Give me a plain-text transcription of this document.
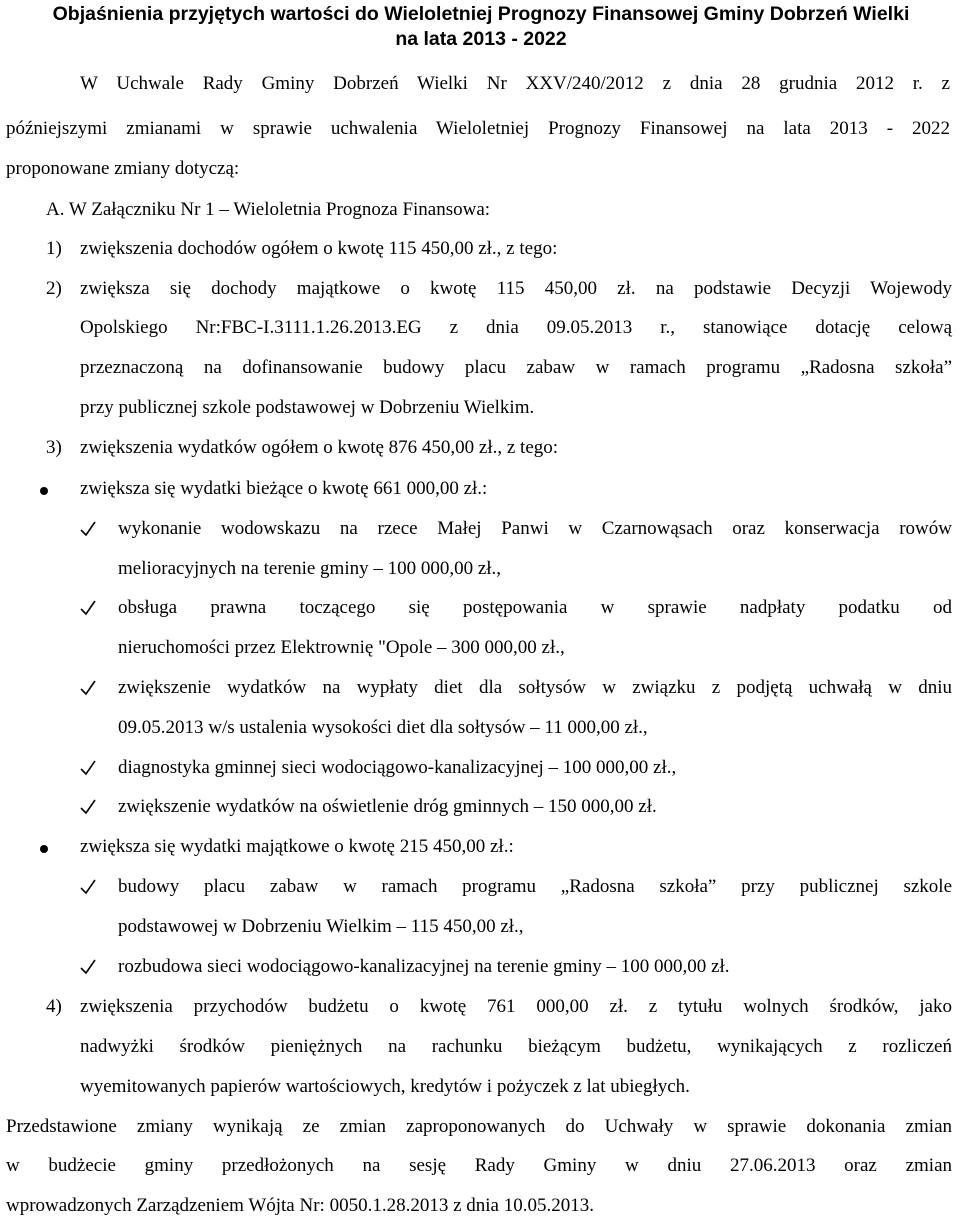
Objaśnienia przyjętych wartości do Wieloletniej Prognozy Finansowej Gminy Dobrzeń Wielki
na lata 2013 - 2022
W Uchwale Rady Gminy Dobrzeń Wielki Nr XXV/240/2012 z dnia 28 grudnia 2012 r. z
późniejszymi zmianami w sprawie uchwalenia Wieloletniej Prognozy Finansowej na lata 2013 - 2022
proponowane zmiany dotyczą:
A. W Załączniku Nr 1 – Wieloletnia Prognoza Finansowa:
1) zwiększenia dochodów ogółem o kwotę 115 450,00 zł., z tego:
2) zwiększa się dochody majątkowe o kwotę 115 450,00 zł. na podstawie Decyzji Wojewody
Opolskiego Nr:FBC-I.3111.1.26.2013.EG z dnia 09.05.2013 r., stanowiące dotację celową
przeznaczoną na dofinansowanie budowy placu zabaw w ramach programu „Radosna szkoła”
przy publicznej szkole podstawowej w Dobrzeniu Wielkim.
3) zwiększenia wydatków ogółem o kwotę 876 450,00 zł., z tego:
zwiększa się wydatki bieżące o kwotę 661 000,00 zł.:
wykonanie wodowskazu na rzece Małej Panwi w Czarnowąsach oraz konserwacja rowów
melioracyjnych na terenie gminy – 100 000,00 zł.,
obsługa prawna toczącego się postępowania w sprawie nadpłaty podatku od
nieruchomości przez Elektrownię "Opole – 300 000,00 zł.,
zwiększenie wydatków na wypłaty diet dla sołtysów w związku z podjętą uchwałą w dniu
09.05.2013 w/s ustalenia wysokości diet dla sołtysów – 11 000,00 zł.,
diagnostyka gminnej sieci wodociągowo-kanalizacyjnej – 100 000,00 zł.,
zwiększenie wydatków na oświetlenie dróg gminnych – 150 000,00 zł.
zwiększa się wydatki majątkowe o kwotę 215 450,00 zł.:
budowy placu zabaw w ramach programu „Radosna szkoła” przy publicznej szkole
podstawowej w Dobrzeniu Wielkim – 115 450,00 zł.,
rozbudowa sieci wodociągowo-kanalizacyjnej na terenie gminy – 100 000,00 zł.
4) zwiększenia przychodów budżetu o kwotę 761 000,00 zł. z tytułu wolnych środków, jako
nadwyżki środków pieniężnych na rachunku bieżącym budżetu, wynikających z rozliczeń
wyemitowanych papierów wartościowych, kredytów i pożyczek z lat ubiegłych.
Przedstawione zmiany wynikają ze zmian zaproponowanych do Uchwały w sprawie dokonania zmian
w budżecie gminy przedłożonych na sesję Rady Gminy w dniu 27.06.2013 oraz zmian
wprowadzonych Zarządzeniem Wójta Nr: 0050.1.28.2013 z dnia 10.05.2013.
